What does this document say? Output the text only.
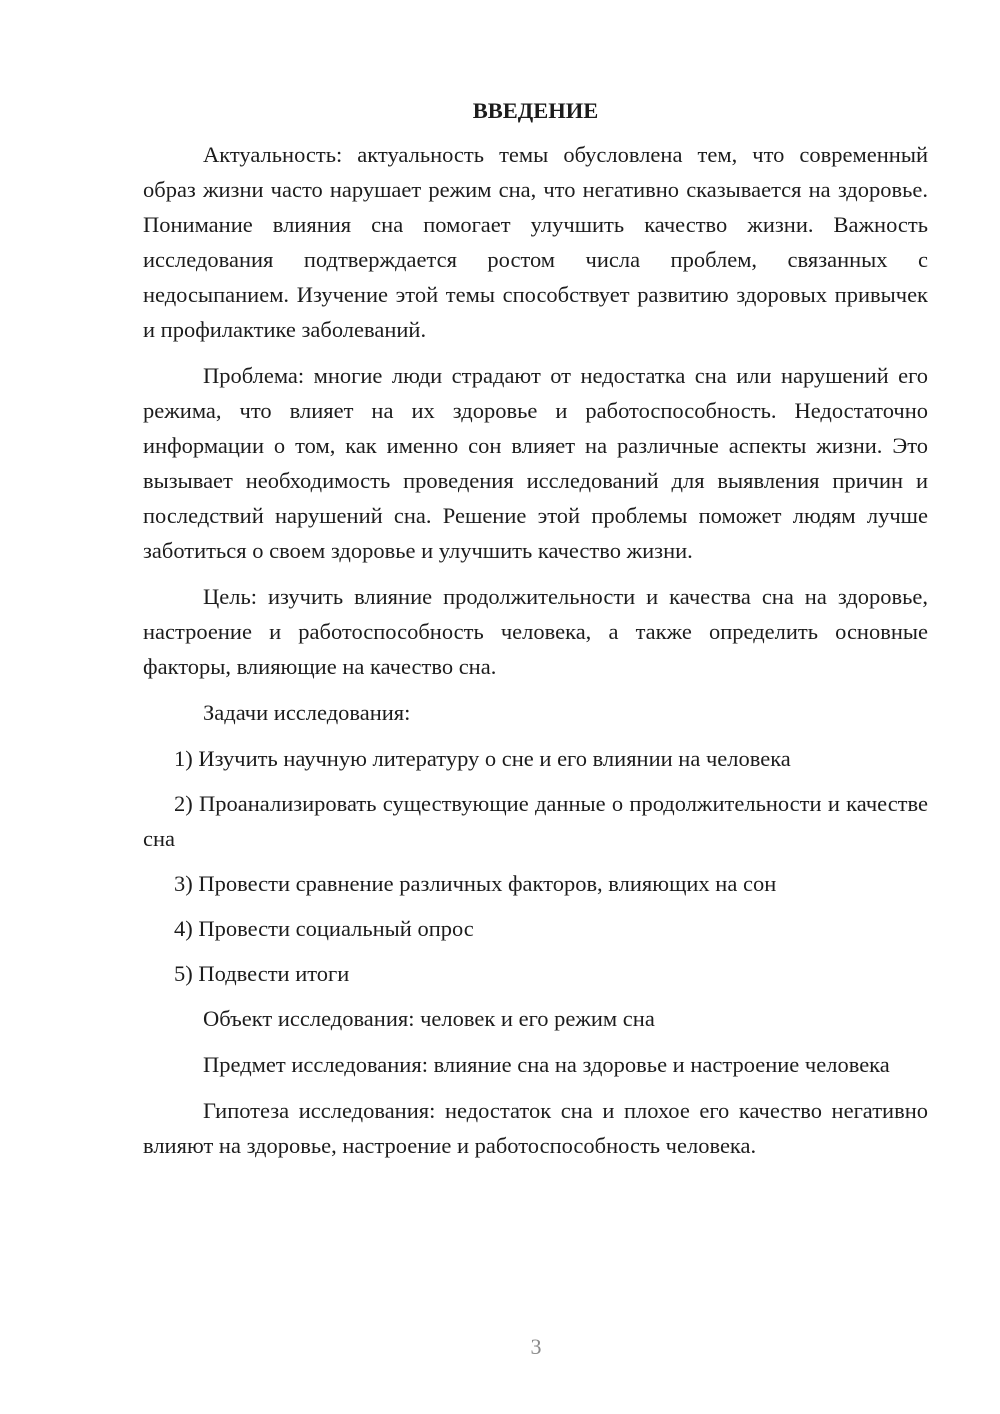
ВВЕДЕНИЕ

Актуальность: актуальность темы обусловлена тем, что современный образ жизни часто нарушает режим сна, что негативно сказывается на здоровье. Понимание влияния сна помогает улучшить качество жизни. Важность исследования подтверждается ростом числа проблем, связанных с недосыпанием. Изучение этой темы способствует развитию здоровых привычек и профилактике заболеваний.

Проблема: многие люди страдают от недостатка сна или нарушений его режима, что влияет на их здоровье и работоспособность. Недостаточно информации о том, как именно сон влияет на различные аспекты жизни. Это вызывает необходимость проведения исследований для выявления причин и последствий нарушений сна. Решение этой проблемы поможет людям лучше заботиться о своем здоровье и улучшить качество жизни.

Цель: изучить влияние продолжительности и качества сна на здоровье, настроение и работоспособность человека, а также определить основные факторы, влияющие на качество сна.

Задачи исследования:

1) Изучить научную литературу о сне и его влиянии на человека

2) Проанализировать существующие данные о продолжительности и качестве сна

3) Провести сравнение различных факторов, влияющих на сон

4) Провести социальный опрос

5) Подвести итоги

Объект исследования: человек и его режим сна

Предмет исследования: влияние сна на здоровье и настроение человека

Гипотеза исследования: недостаток сна и плохое его качество негативно влияют на здоровье, настроение и работоспособность человека.

3
